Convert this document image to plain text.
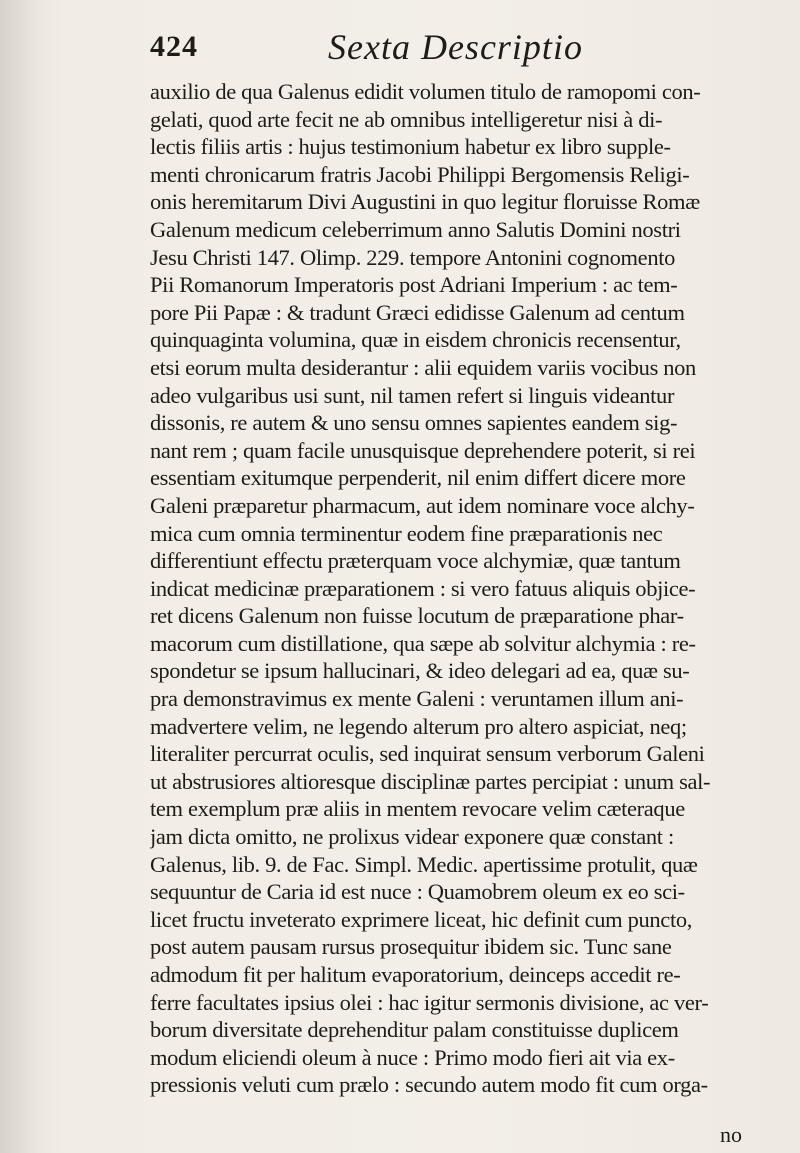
424	Sexta Descriptio
auxilio de qua Galenus edidit volumen titulo de ramopomi con-
gelati, quod arte fecit ne ab omnibus intelligeretur nisi à di-
lectis filiis artis : hujus testimonium habetur ex libro supple-
menti chronicarum fratris Jacobi Philippi Bergomensis Religi-
onis heremitarum Divi Augustini in quo legitur floruisse Romæ
Galenum medicum celeberrimum anno Salutis Domini nostri
Jesu Christi 147. Olimp. 229. tempore Antonini cognomento
Pii Romanorum Imperatoris post Adriani Imperium : ac tem-
pore Pii Papæ : & tradunt Græci edidisse Galenum ad centum
quinquaginta volumina, quæ in eisdem chronicis recensentur,
etsi eorum multa desiderantur : alii equidem variis vocibus non
adeo vulgaribus usi sunt, nil tamen refert si linguis videantur
dissonis, re autem & uno sensu omnes sapientes eandem sig-
nant rem ; quam facile unusquisque deprehendere poterit, si rei
essentiam exitumque perpenderit, nil enim differt dicere more
Galeni præparetur pharmacum, aut idem nominare voce alchy-
mica cum omnia terminentur eodem fine præparationis nec
differentiunt effectu præterquam voce alchymiæ, quæ tantum
indicat medicinæ præparationem : si vero fatuus aliquis objice-
ret dicens Galenum non fuisse locutum de præparatione phar-
macorum cum distillatione, qua sæpe ab solvitur alchymia : re-
spondetur se ipsum hallucinari, & ideo delegari ad ea, quæ su-
pra demonstravimus ex mente Galeni : veruntamen illum ani-
madvertere velim, ne legendo alterum pro altero aspiciat, neq;
literaliter percurrat oculis, sed inquirat sensum verborum Galeni
ut abstrusiores altioresque disciplinæ partes percipiat : unum sal-
tem exemplum præ aliis in mentem revocare velim cæteraque
jam dicta omitto, ne prolixus videar exponere quæ constant :
Galenus, lib. 9. de Fac. Simpl. Medic. apertissime protulit, quæ
sequuntur de Caria id est nuce : Quamobrem oleum ex eo sci-
licet fructu inveterato exprimere liceat, hic definit cum puncto,
post autem pausam rursus prosequitur ibidem sic. Tunc sane
admodum fit per halitum evaporatorium, deinceps accedit re-
ferre facultates ipsius olei : hac igitur sermonis divisione, ac ver-
borum diversitate deprehenditur palam constituisse duplicem
modum eliciendi oleum à nuce : Primo modo fieri ait via ex-
pressionis veluti cum prælo : secundo autem modo fit cum orga-
no
